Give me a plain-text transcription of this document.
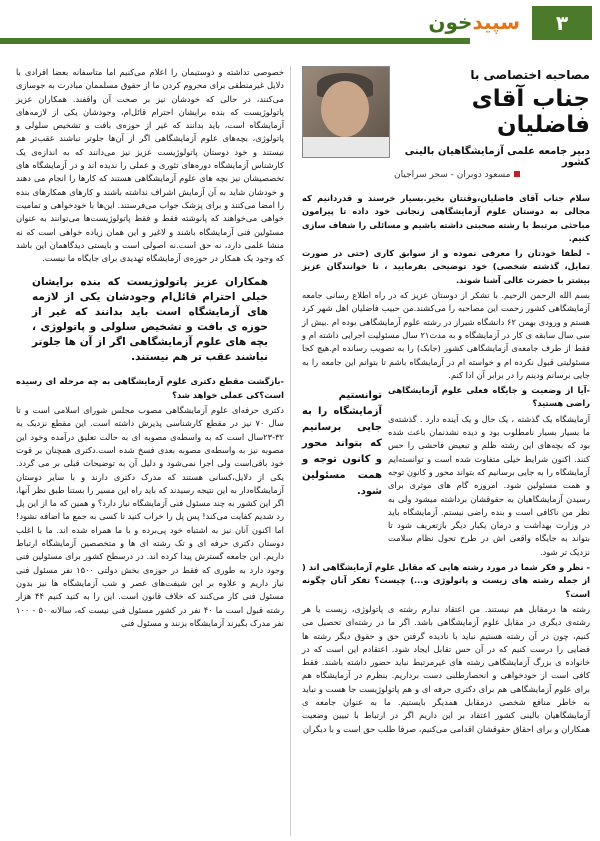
سپیدخون	۳
مصاحبه اختصاصی با
جناب آقای فاضلیان
دبیر جامعه علمی آزمایشگاهیان بالینی کشور
مسعود دوبران - سحر سراجیان

سلام جناب آقای فاضلیان،وقتتان بخیر.بسیار خرسند و قدردانیم که مجالی به دوستان علوم آزمایشگاهی زنجانی خود داده تا پیرامون مباحثی مرتبط با رشته صحبتی داشته باشیم و مسائلی را شفاف سازی کنیم.

- لطفا خودتان را معرفی نموده و از سوابق کاری (حتی در صورت تمایل، گذشته شخصی) خود توضیحی بفرمایید ، تا خوانندگان عزیز بیشتر با حضرت عالی آشنا شوند.

بسم الله الرحمن الرحیم. با تشکر از دوستان عزیز که در راه اطلاع رسانی جامعه آزمایشگاهی کشور زحمت این مصاحبه را می‌کشند.من حبیب فاضلیان اهل شهر کرد هستم و ورودی بهمن ۶۲ دانشگاه شیراز در رشته علوم آزمایشگاهی بوده ام .بیش از سی سال سابقه ی کار در آزمایشگاه و به مدت۲۱ سال مسئولیت اجرایی داشته ام و فقط از طرف جامعه‌ی آزمایشگاهی کشور (جابک) را به تصویب رسانده ام.هیچ کجا مسئولیتی قبول نکرده ام و خواسته ام در آزمایشگاه باشم تا بتوانم این جامعه را به جایی برسانم ودینم را در برابر آن ادا کنم.

-آیا از وضعیت و جایگاه فعلی علوم آزمایشگاهی راضی هستید؟

آزمایشگاه یک گذشته ، یک حال و یک آینده دارد . گذشته‌ی ما بسیار بسیار نامطلوب بود و دیده نشدنمان باعث شده بود که بچه‌های این رشته ظلم و تبعیض فاحشی را حس کنند. اکنون شرایط خیلی متفاوت شده است و توانسته‌ایم آزمایشگاه را به جایی برسانیم که بتواند محور و کانون توجه و همت مسئولین شود. امروزه گام های موثری برای رسیدن آزمایشگاهیان به حقوقشان برداشته میشود ولی به نظر من ناکافی است و بنده راضی نیستم. آزمایشگاه باید در وزارت بهداشت و درمان یکبار دیگر بازتعریف شود تا بتواند به جایگاه واقعی اش در طرح تحول نظام سلامت نزدیک تر شود.

توانستیم آزمایشگاه را به جایی برسانیم که بتواند محور و کانون توجه و همت مسئولین شود.

- نظر و فکر شما در مورد رشته هایی که مقابل علوم آزمایشگاهی اند ( از جمله رشته های زیست و پاتولوژی و...) چیست؟ تفکر آنان چگونه است؟

رشته ها درمقابل هم نیستند. من اعتقاد ندارم رشته ی پاتولوژی، زیست یا هر رشته‌ی دیگری در مقابل علوم آزمایشگاهی باشد. اگر ما در رشته‌ای تحصیل می کنیم، چون در آن رشته هستیم نباید با نادیده گرفتن حق و حقوق دیگر رشته ها فضایی را درست کنیم که در آن حس تقابل ایجاد شود. اعتقادم این است که در خانواده ی بزرگ آزمایشگاهی رشته های غیرمرتبط نباید حضور داشته باشند. فقط کافی است از خودخواهی و انحصارطلبی دست برداریم. بنظرم در آزمایشگاه هم برای علوم آزمایشگاهی هم برای دکتری حرفه ای و هم پاتولوژیست جا هست و نباید به خاطر منافع شخصی درمقابل همدیگر بایستیم. ما به عنوان جامعه ی آزمایشگاهیان بالینی کشور اعتقاد بر این داریم اگر در ارتباط با تبیین وضعیت همکاران و برای احقاق حقوقشان اقدامی می‌کنیم، صرفا طلب حق است و با دیگران

خصوصی تداشته و دوستیمان را اعلام می‌کنیم اما متاسفانه بعضا افرادی با دلایل غیرمنطقی برای محروم کردن ما از حقوق مسلممان مبادرت به جوسازی می‌کنند، در حالی که خودشان نیز بر صحت آن واقفند. همکاران عزیز پاتولوژیست که بنده برایشان احترام قائل‌ام، وجودشان یکی از لازمه‌های آزمایشگاه است، باید بدانند که غیر از حوزه‌ی بافت و تشخیص سلولی و پاتولوژی، بچه‌های علوم آزمایشگاهی اگر از آن‌ها جلوتر نباشند عقب‌تر هم نیستند و خود دوستان پاتولوژیست عزیز نیز می‌دانند که به اندازه‌ی یک کارشناس آزمایشگاه دوره‌های تئوری و عملی را ندیده اند و در آزمایشگاه های تخصصیشان نیز بچه های علوم آزمایشگاهی هستند که کارها را انجام می دهند و خودشان شاید به آن آزمایش اشراف نداشته باشند و کارهای همکارهای بنده را امضا می‌کنند و برای پزشک جواب می‌فرستند. این‌ها با خودخواهی و تمامیت خواهی می‌خواهند که پانوشته فقط و فقط پاتولوژیست‌ها می‌توانند به عنوان مسئولین فنی آزمایشگاه باشند و لاغیر و این همان زیاده خواهی است که نه منشا علمی دارد، نه حق است.نه اصولی است و بایستی دیدگاهمان این باشد که وجود یک همکار در حوزه‌ی آزمایشگاه تهدیدی برای جایگاه ما نیست.

همکاران عزیز پاتولوژیست که بنده برایشان خیلی احترام قائل‌ام وجودشان یکی از لازمه های آزمایشگاه است باید بدانند که غیر از حوزه ی بافت و تشخیص سلولی و پاتولوژی ، بچه های علوم آزمایشگاهی اگر از آن ها جلوتر نباشند عقب تر هم نیستند.

-بازگشت مقطع دکتری علوم آزمایشگاهی به چه مرحله ای رسیده است؟کی عملی خواهد شد؟

دکتری حرفه‌ای علوم آزمایشگاهی مصوب مجلس شورای اسلامی است و تا سال ۷۰ نیز در مقطع کارشناسی پذیرش داشته است. این مقطع نزدیک به ۳۲-۲۳سال است که به واسطه‌ی مصوبه ای به حالت تعلیق درآمده وخود این مصوبه نیز به واسطه‌ی مصوبه بعدی فسخ شده است.دکتری همچنان بر قوت خود باقی‌است ولی اجرا نمی‌شود و دلیل آن به توضیحات قبلی بر می گردد. یکی از دلایل،کسانی هستند که مدرک دکتری دارند و با سایر دوستان آزمایشگاه‌دار به این نتیجه رسیدند که باید راه این مسیر را بستنا طبق نظر آنها، اگر این کشور به چند مسئول فنی آزمایشگاه نیاز دارد؟ و همین که ما از این پل رد شدیم کفایت می‌کند! پس پل را خراب کنید تا کسی به جمع ما اضافه نشود! اما اکنون آنان نیز به اشتباه خود پی‌برده و با ما همراه شده اند. ما با اغلب دوستان دکتری حرفه ای و تک رشته ای ها و متخصصین آزمایشگاه ارتباط داریم. این جامعه گسترش پیدا کرده اند. در درسطح کشور برای مسئولین فنی وجود دارد به طوری که فقط در حوزه‌ی بخش دولتی ۱۵۰۰ نفر مسئول فنی نیاز داریم و علاوه بر این شیفت‌های عصر و شب آزمایشگاه ها نیز بدون مسئول فنی کار می‌کنند که خلاف قانون است. این را به کنید کنیم ۴۴ هزار رشته قبول است ما ۴۰ نفر در کشور مسئول فنی نیست که، سالانه ۵۰ - ۱۰۰ نفر مدرک بگیرند آزمایشگاه بزنند و مسئول فنی
